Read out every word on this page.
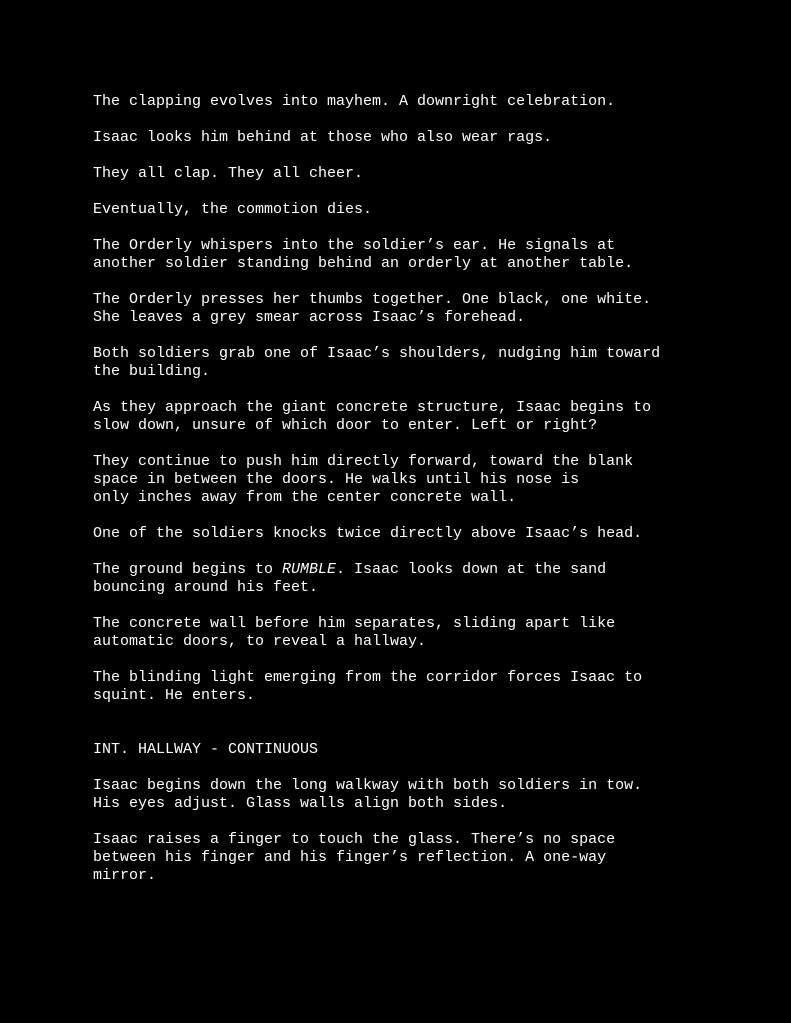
The clapping evolves into mayhem. A downright celebration.

Isaac looks him behind at those who also wear rags.

They all clap. They all cheer.

Eventually, the commotion dies.

The Orderly whispers into the soldier’s ear. He signals at
another soldier standing behind an orderly at another table.

The Orderly presses her thumbs together. One black, one white.
She leaves a grey smear across Isaac’s forehead.

Both soldiers grab one of Isaac’s shoulders, nudging him toward
the building.

As they approach the giant concrete structure, Isaac begins to
slow down, unsure of which door to enter. Left or right?

They continue to push him directly forward, toward the blank
space in between the doors. He walks until his nose is
only inches away from the center concrete wall.

One of the soldiers knocks twice directly above Isaac’s head.

The ground begins to RUMBLE. Isaac looks down at the sand
bouncing around his feet.

The concrete wall before him separates, sliding apart like
automatic doors, to reveal a hallway.

The blinding light emerging from the corridor forces Isaac to
squint. He enters.

INT. HALLWAY - CONTINUOUS

Isaac begins down the long walkway with both soldiers in tow.
His eyes adjust. Glass walls align both sides.

Isaac raises a finger to touch the glass. There’s no space
between his finger and his finger’s reflection. A one-way
mirror.
